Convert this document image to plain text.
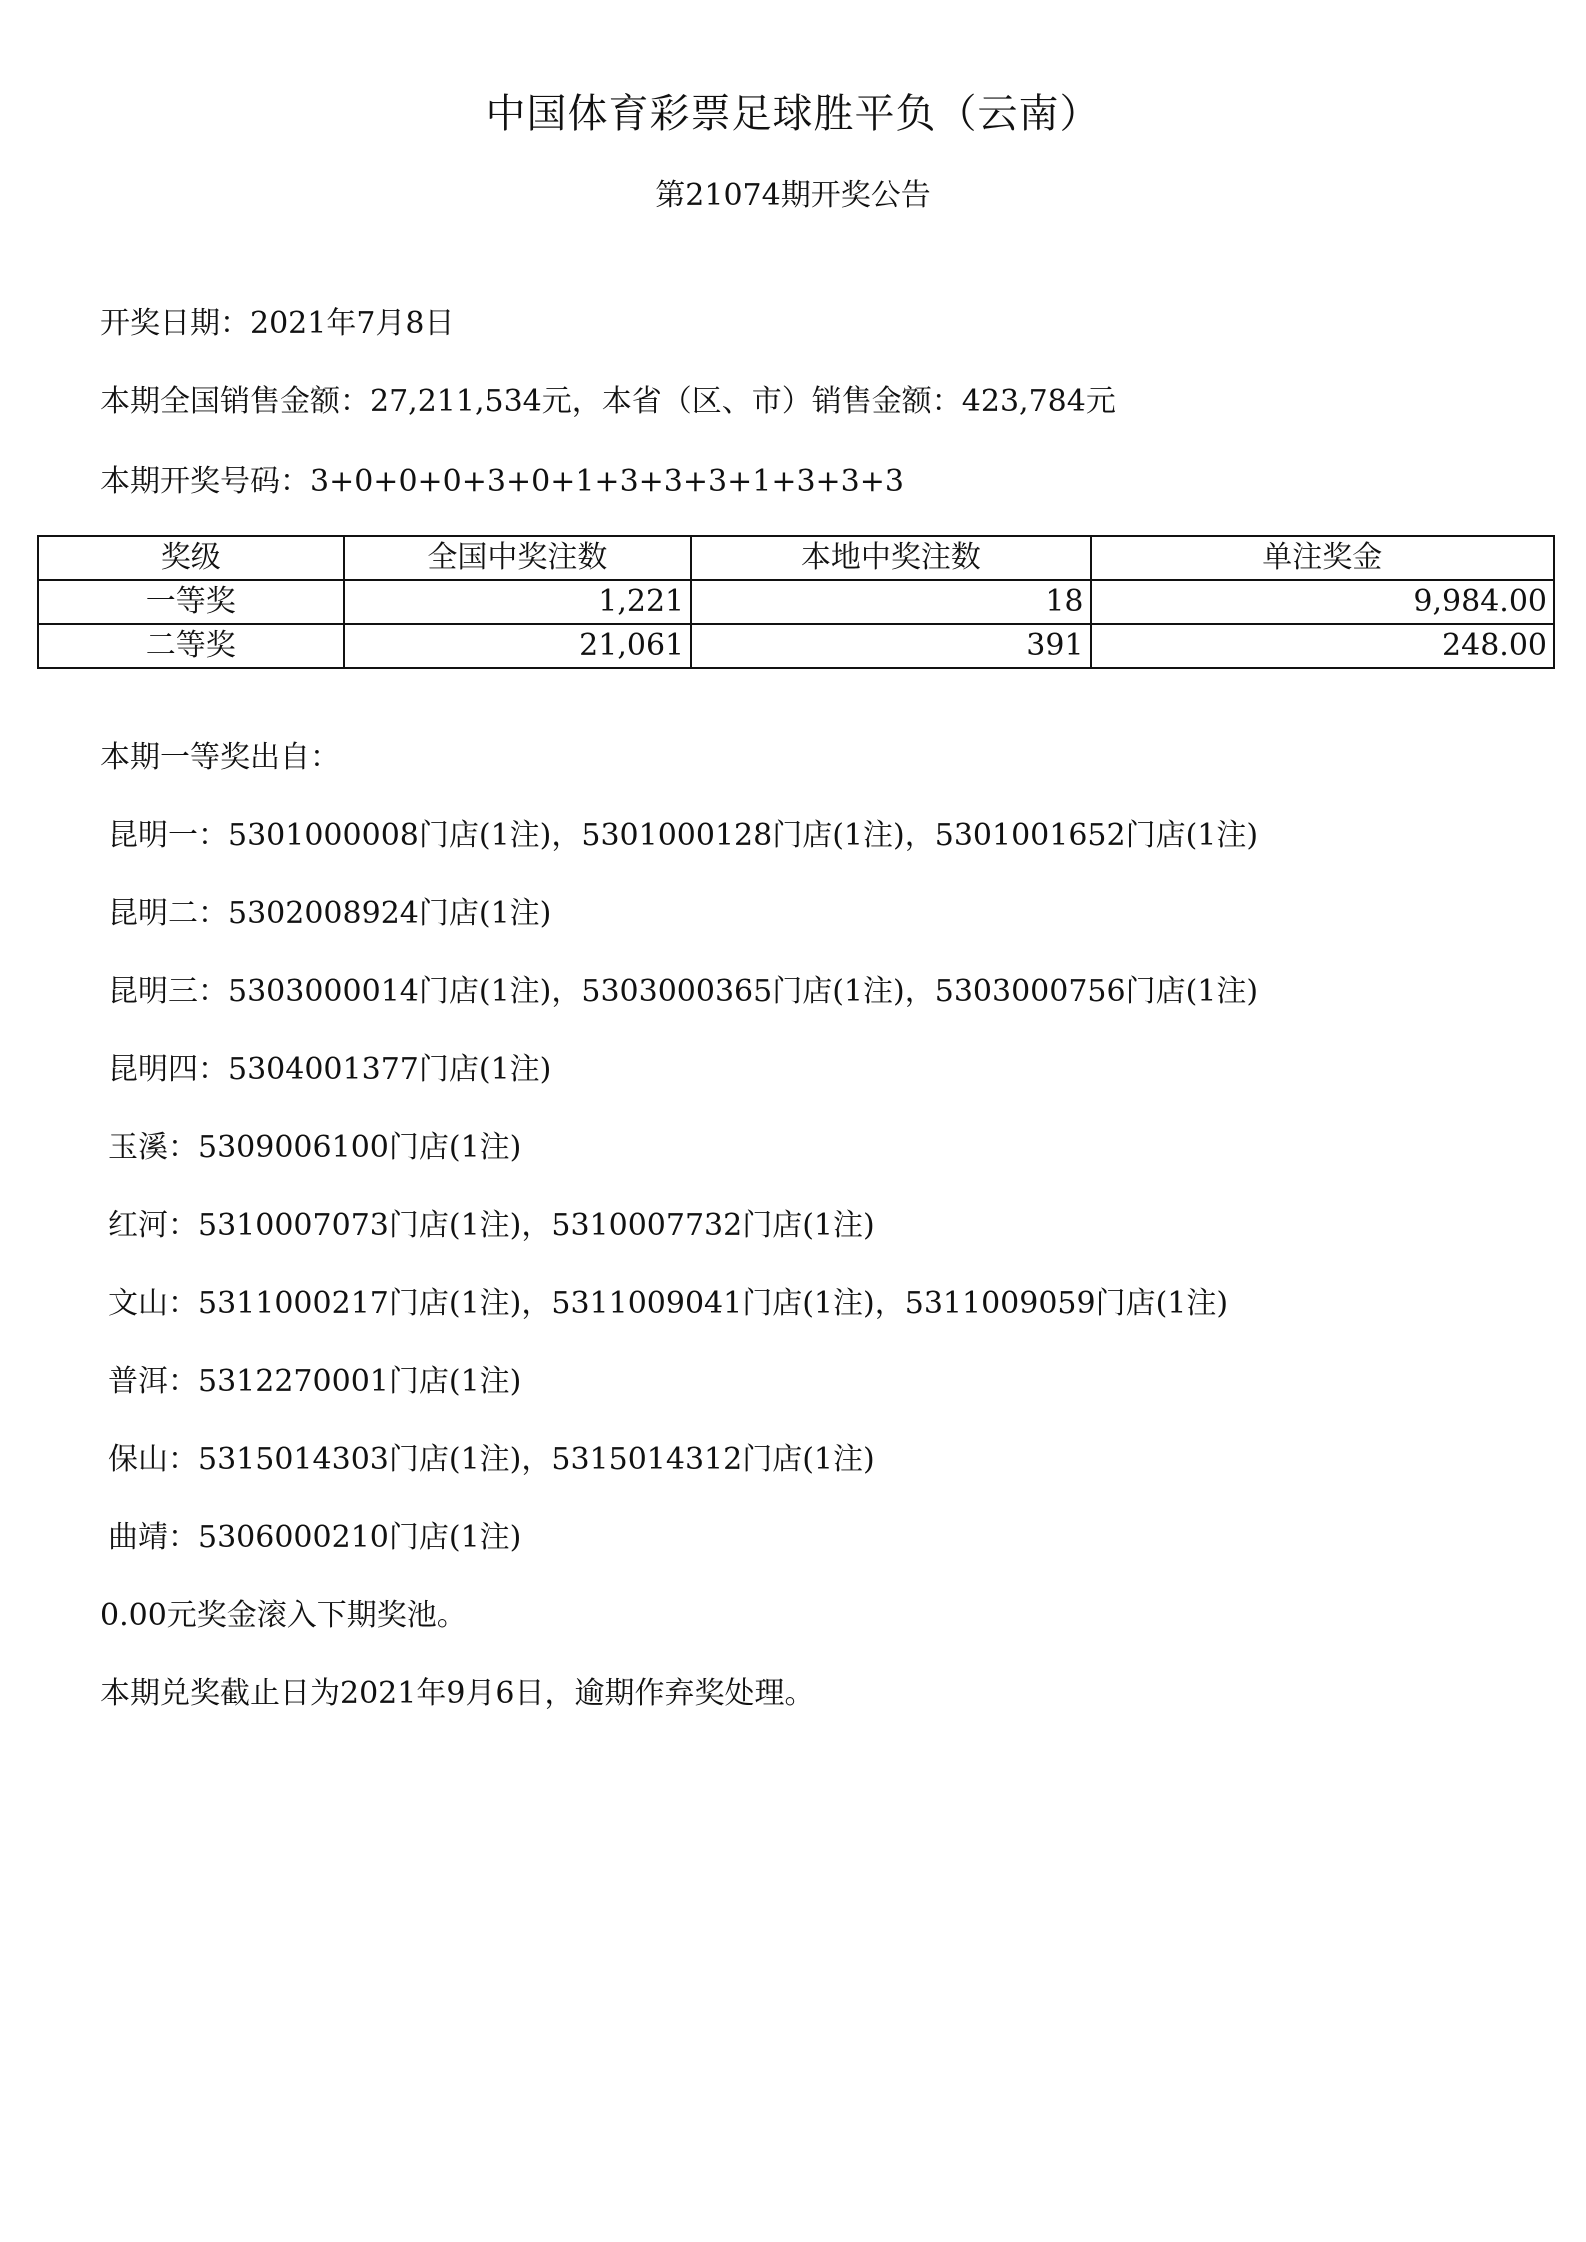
中国体育彩票足球胜平负（云南）
第21074期开奖公告
开奖日期：2021年7月8日
本期全国销售金额：27,211,534元，本省（区、市）销售金额：423,784元
本期开奖号码：3+0+0+0+3+0+1+3+3+3+1+3+3+3
奖级	全国中奖注数	本地中奖注数	单注奖金
一等奖	1,221	18	9,984.00
二等奖	21,061	391	248.00
本期一等奖出自：
昆明一：5301000008门店(1注)，5301000128门店(1注)，5301001652门店(1注)
昆明二：5302008924门店(1注)
昆明三：5303000014门店(1注)，5303000365门店(1注)，5303000756门店(1注)
昆明四：5304001377门店(1注)
玉溪：5309006100门店(1注)
红河：5310007073门店(1注)，5310007732门店(1注)
文山：5311000217门店(1注)，5311009041门店(1注)，5311009059门店(1注)
普洱：5312270001门店(1注)
保山：5315014303门店(1注)，5315014312门店(1注)
曲靖：5306000210门店(1注)
0.00元奖金滚入下期奖池。
本期兑奖截止日为2021年9月6日，逾期作弃奖处理。
